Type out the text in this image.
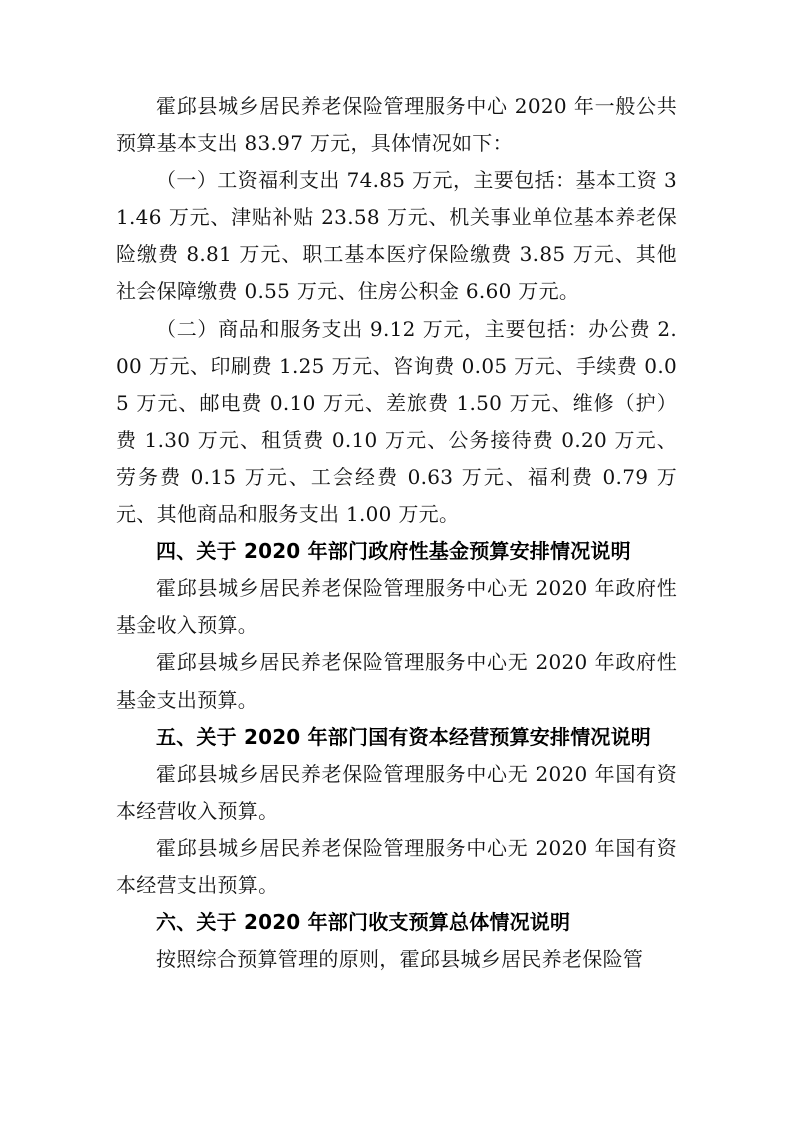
霍邱县城乡居民养老保险管理服务中心 2020 年一般公共预算基本支出 83.97 万元，具体情况如下：

（一）工资福利支出 74.85 万元，主要包括：基本工资 31.46 万元、津贴补贴 23.58 万元、机关事业单位基本养老保险缴费 8.81 万元、职工基本医疗保险缴费 3.85 万元、其他社会保障缴费 0.55 万元、住房公积金 6.60 万元。

（二）商品和服务支出 9.12 万元，主要包括：办公费 2.00 万元、印刷费 1.25 万元、咨询费 0.05 万元、手续费 0.05 万元、邮电费 0.10 万元、差旅费 1.50 万元、维修（护）费 1.30 万元、租赁费 0.10 万元、公务接待费 0.20 万元、劳务费 0.15 万元、工会经费 0.63 万元、福利费 0.79 万元、其他商品和服务支出 1.00 万元。

四、关于 2020 年部门政府性基金预算安排情况说明

霍邱县城乡居民养老保险管理服务中心无 2020 年政府性基金收入预算。

霍邱县城乡居民养老保险管理服务中心无 2020 年政府性基金支出预算。

五、关于 2020 年部门国有资本经营预算安排情况说明

霍邱县城乡居民养老保险管理服务中心无 2020 年国有资本经营收入预算。

霍邱县城乡居民养老保险管理服务中心无 2020 年国有资本经营支出预算。

六、关于 2020 年部门收支预算总体情况说明

按照综合预算管理的原则，霍邱县城乡居民养老保险管
